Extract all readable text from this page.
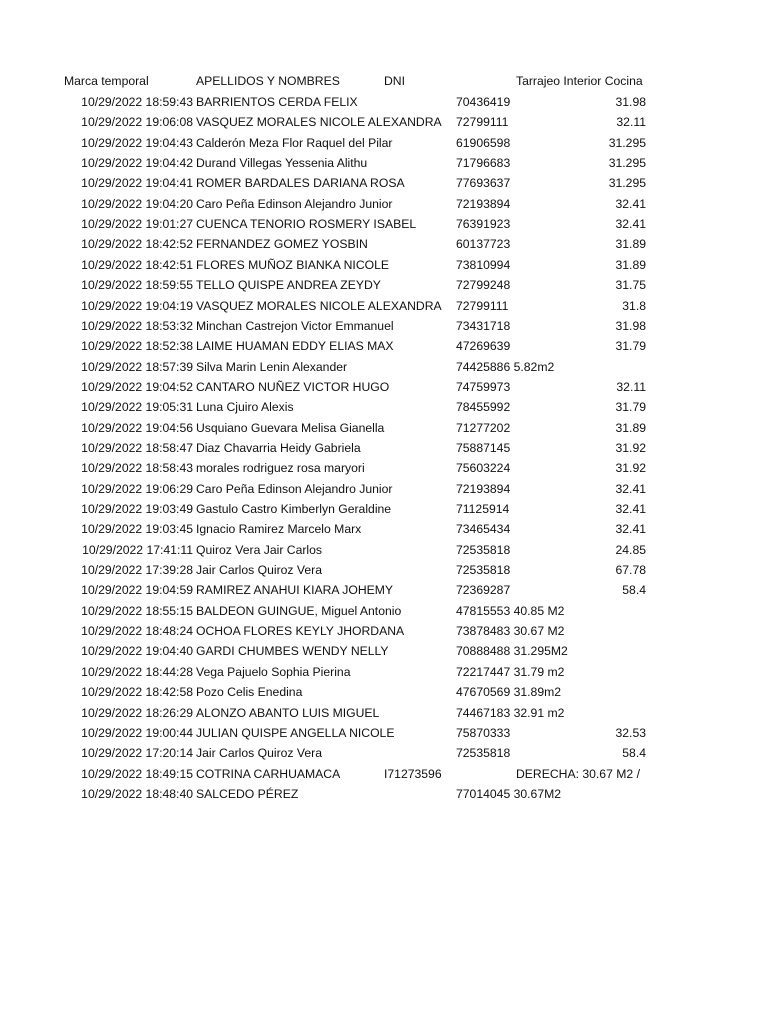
Marca temporal	APELLIDOS Y NOMBRES	DNI	Tarrajeo Interior Cocina
10/29/2022 18:59:43 BARRIENTOS CERDA FELIX	70436419	31.98
10/29/2022 19:06:08 VASQUEZ MORALES NICOLE ALEXANDRA 72799111	32.11
10/29/2022 19:04:43 Calderón Meza Flor Raquel del Pilar	61906598	31.295
10/29/2022 19:04:42 Durand Villegas Yessenia Alithu	71796683	31.295
10/29/2022 19:04:41 ROMER BARDALES DARIANA ROSA	77693637	31.295
10/29/2022 19:04:20 Caro Peña Edinson Alejandro Junior	72193894	32.41
10/29/2022 19:01:27 CUENCA TENORIO ROSMERY ISABEL	76391923	32.41
10/29/2022 18:42:52 FERNANDEZ GOMEZ YOSBIN	60137723	31.89
10/29/2022 18:42:51 FLORES MUÑOZ BIANKA NICOLE	73810994	31.89
10/29/2022 18:59:55 TELLO QUISPE ANDREA ZEYDY	72799248	31.75
10/29/2022 19:04:19 VASQUEZ MORALES NICOLE ALEXANDRA 72799111	31.8
10/29/2022 18:53:32 Minchan Castrejon Victor Emmanuel	73431718	31.98
10/29/2022 18:52:38 LAIME HUAMAN EDDY ELIAS MAX	47269639	31.79
10/29/2022 18:57:39 Silva Marin Lenin Alexander	74425886 5.82m2
10/29/2022 19:04:52 CANTARO NUÑEZ VICTOR HUGO	74759973	32.11
10/29/2022 19:05:31 Luna Cjuiro Alexis	78455992	31.79
10/29/2022 19:04:56 Usquiano Guevara Melisa Gianella	71277202	31.89
10/29/2022 18:58:47 Diaz Chavarria Heidy Gabriela	75887145	31.92
10/29/2022 18:58:43 morales rodriguez rosa maryori	75603224	31.92
10/29/2022 19:06:29 Caro Peña Edinson Alejandro Junior	72193894	32.41
10/29/2022 19:03:49 Gastulo Castro Kimberlyn Geraldine	71125914	32.41
10/29/2022 19:03:45 Ignacio Ramirez Marcelo Marx	73465434	32.41
10/29/2022 17:41:11 Quiroz Vera Jair Carlos	72535818	24.85
10/29/2022 17:39:28 Jair Carlos Quiroz Vera	72535818	67.78
10/29/2022 19:04:59 RAMIREZ ANAHUI KIARA JOHEMY	72369287	58.4
10/29/2022 18:55:15 BALDEON GUINGUE, Miguel Antonio	47815553 40.85 M2
10/29/2022 18:48:24 OCHOA FLORES KEYLY JHORDANA	73878483 30.67 M2
10/29/2022 19:04:40 GARDI CHUMBES WENDY NELLY	70888488 31.295M2
10/29/2022 18:44:28 Vega Pajuelo Sophia Pierina	72217447 31.79 m2
10/29/2022 18:42:58 Pozo Celis Enedina	47670569 31.89m2
10/29/2022 18:26:29 ALONZO ABANTO LUIS MIGUEL	74467183 32.91 m2
10/29/2022 19:00:44 JULIAN QUISPE ANGELLA NICOLE	75870333	32.53
10/29/2022 17:20:14 Jair Carlos Quiroz Vera	72535818	58.4
10/29/2022 18:49:15 COTRINA CARHUAMACA	I71273596	DERECHA: 30.67 M2 /
10/29/2022 18:48:40 SALCEDO PÉREZ	77014045 30.67M2
